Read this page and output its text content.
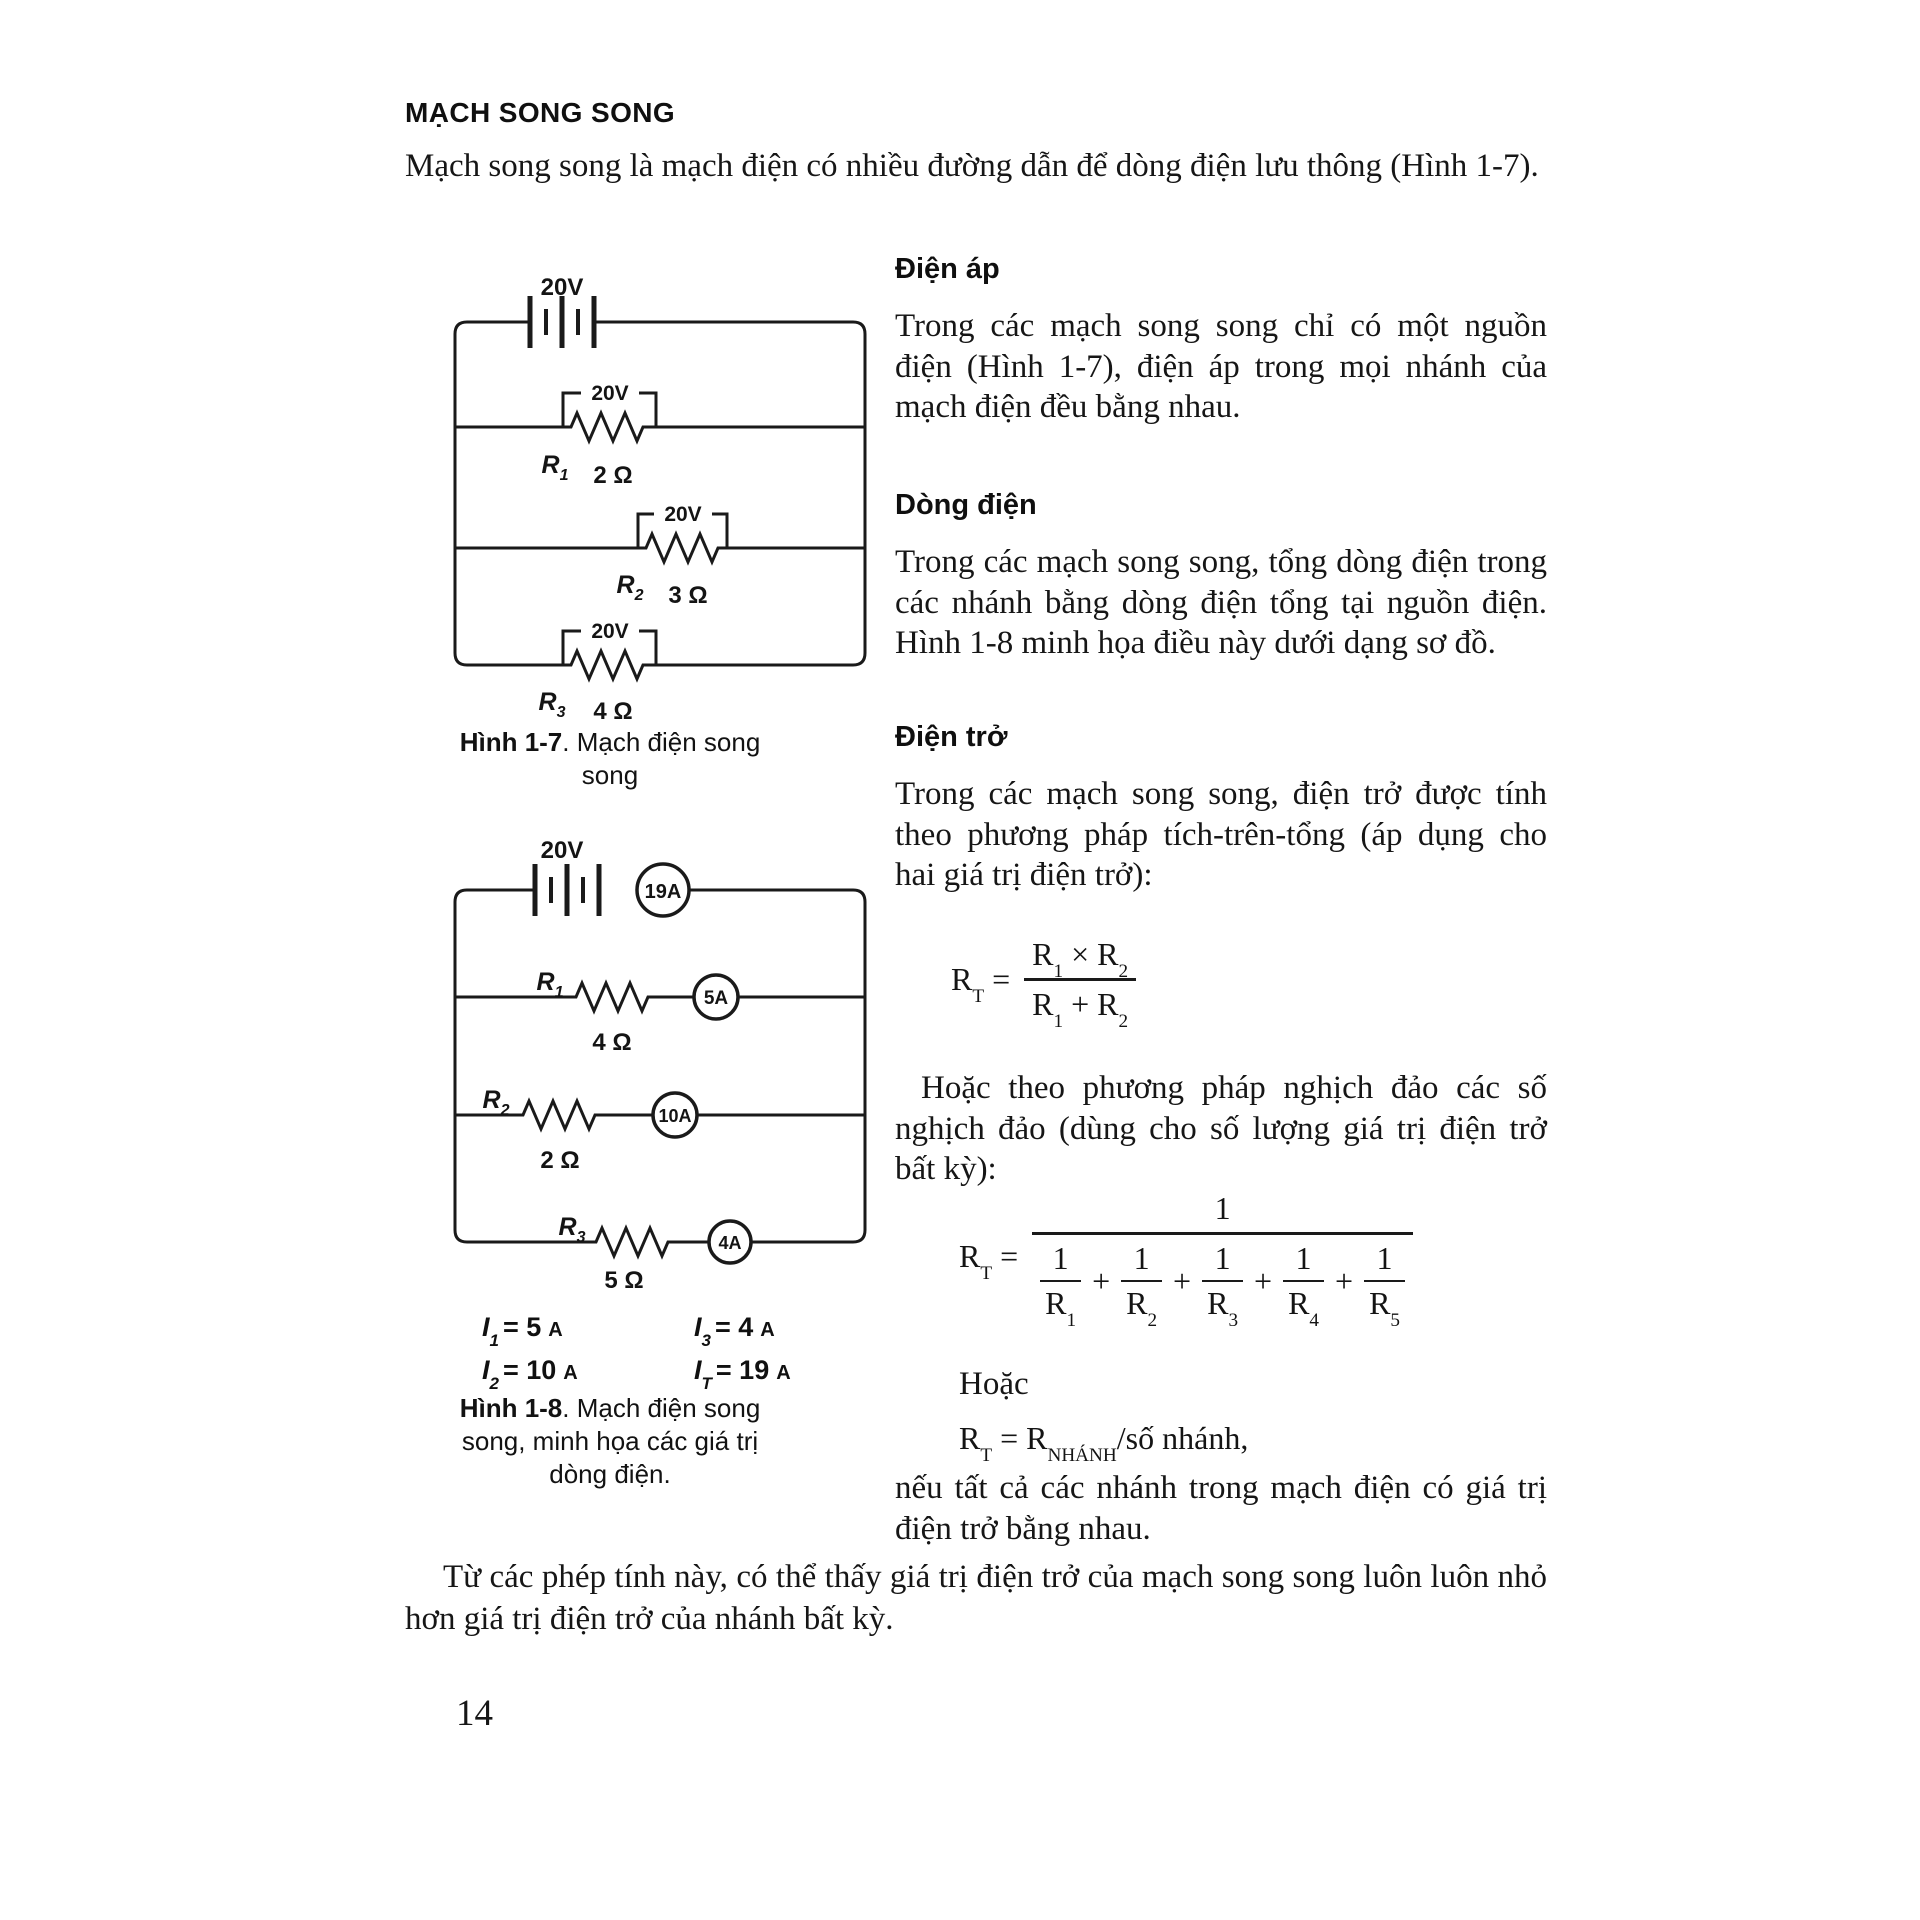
MẠCH SONG SONG

Mạch song song là mạch điện có nhiều đường dẫn để dòng điện lưu thông (Hình 1-7).

20V
20V
$R_1$ 2 Ω
20V
$R_2$ 3 Ω
20V
$R_3$ 4 Ω
Hình 1-7. Mạch điện song song
20V
19A
5A
$R_1$
4 Ω
10A
$R_2$
2 Ω
4A
$R_3$
5 Ω
$I_1 = 5$ A	$I_3 = 4$ A
$I_2 = 10$ A	$I_T = 19$ A
Hình 1-8. Mạch điện song song, minh họa các giá trị dòng điện.
Điện áp

Trong các mạch song song chỉ có một nguồn điện (Hình 1-7), điện áp trong mọi nhánh của mạch điện đều bằng nhau.

Dòng điện

Trong các mạch song song, tổng dòng điện trong các nhánh bằng dòng điện tổng tại nguồn điện. Hình 1-8 minh họa điều này dưới dạng sơ đồ.

Điện trở

Trong các mạch song song, điện trở được tính theo phương pháp tích-trên-tổng (áp dụng cho hai giá trị điện trở):

$R_T = \frac{R_1 \times R_2}{R_1 + R_2}$

Hoặc theo phương pháp nghịch đảo các số nghịch đảo (dùng cho số lượng giá trị điện trở bất kỳ):

$R_T$ =
1
$\frac{1}{R_1} + \frac{1}{R_2} + \frac{1}{R_3} + \frac{1}{R_4} + \frac{1}{R_5}$

Hoặc

$R_T$ = $R_{NHÁNH}/số$ nhánh,

nếu tất cả các nhánh trong mạch điện có giá trị điện trở bằng nhau.

Từ các phép tính này, có thể thấy giá trị điện trở của mạch song song luôn luôn nhỏ hơn giá trị điện trở của nhánh bất kỳ.

14
